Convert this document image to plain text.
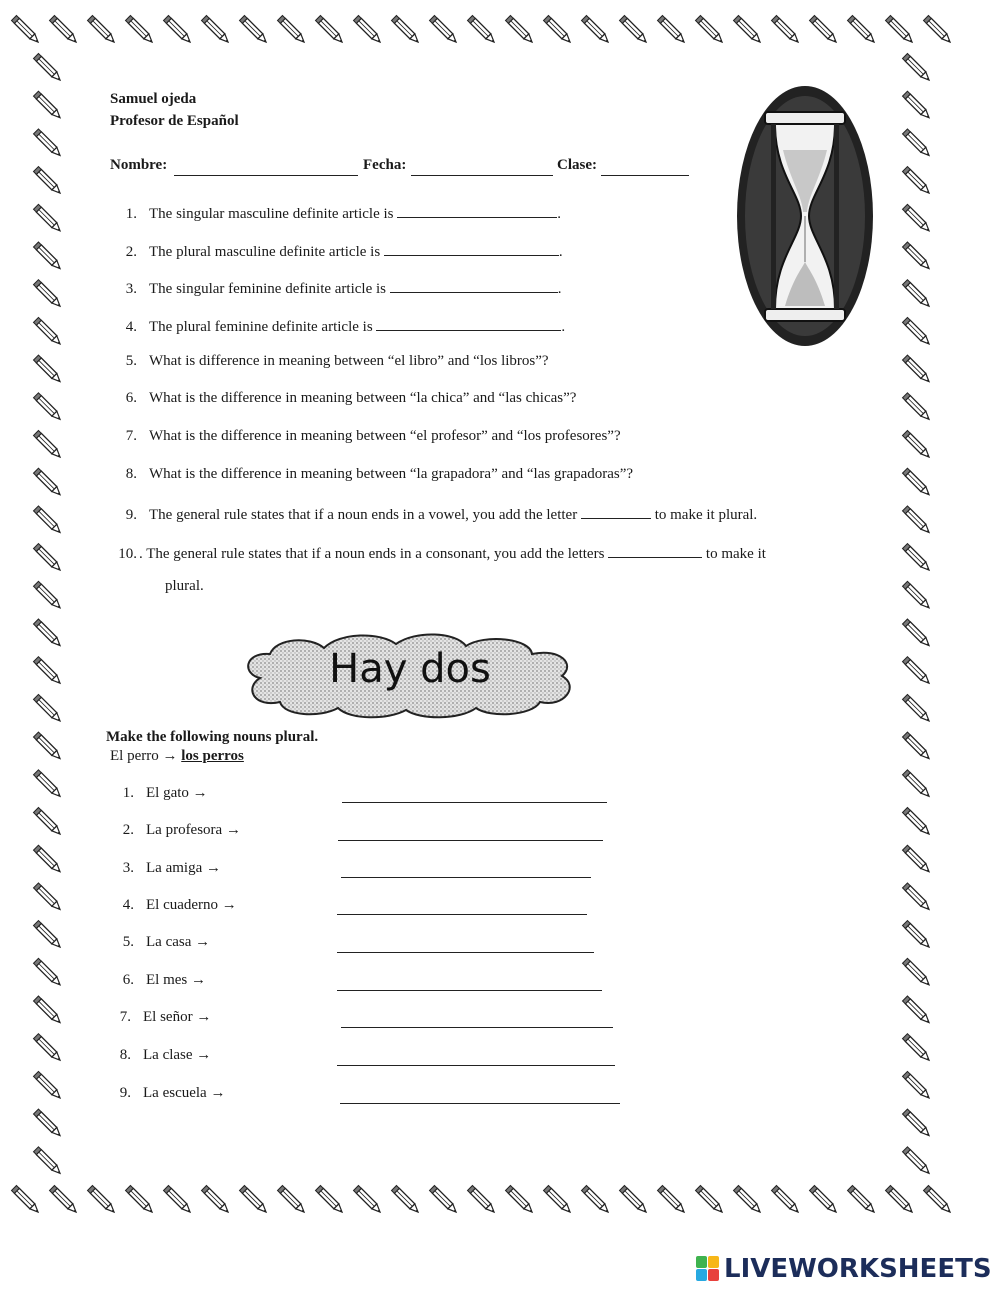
Samuel ojeda
Profesor de Español
Nombre:	Fecha:	Clase:
1. The singular masculine definite article is	.
2. The plural masculine definite article is	.
3. The singular feminine definite article is	.
4. The plural feminine definite article is	.
5. What is difference in meaning between “el libro” and “los libros”?
6. What is the difference in meaning between “la chica” and “las chicas”?
7. What is the difference in meaning between “el profesor” and “los profesores”?
8. What is the difference in meaning between “la grapadora” and “las grapadoras”?
9. The general rule states that if a noun ends in a vowel, you add the letter	to make it plural.
10. . The general rule states that if a noun ends in a consonant, you add the letters	to make it
plural.
Hay dos
Make the following nouns plural.
El perro → los perros
1. El gato →
2. La profesora →
3. La amiga →
4. El cuaderno →
5. La casa →
6. El mes →
7. El señor →
8. La clase →
9. La escuela →
LIVEWORKSHEETS
